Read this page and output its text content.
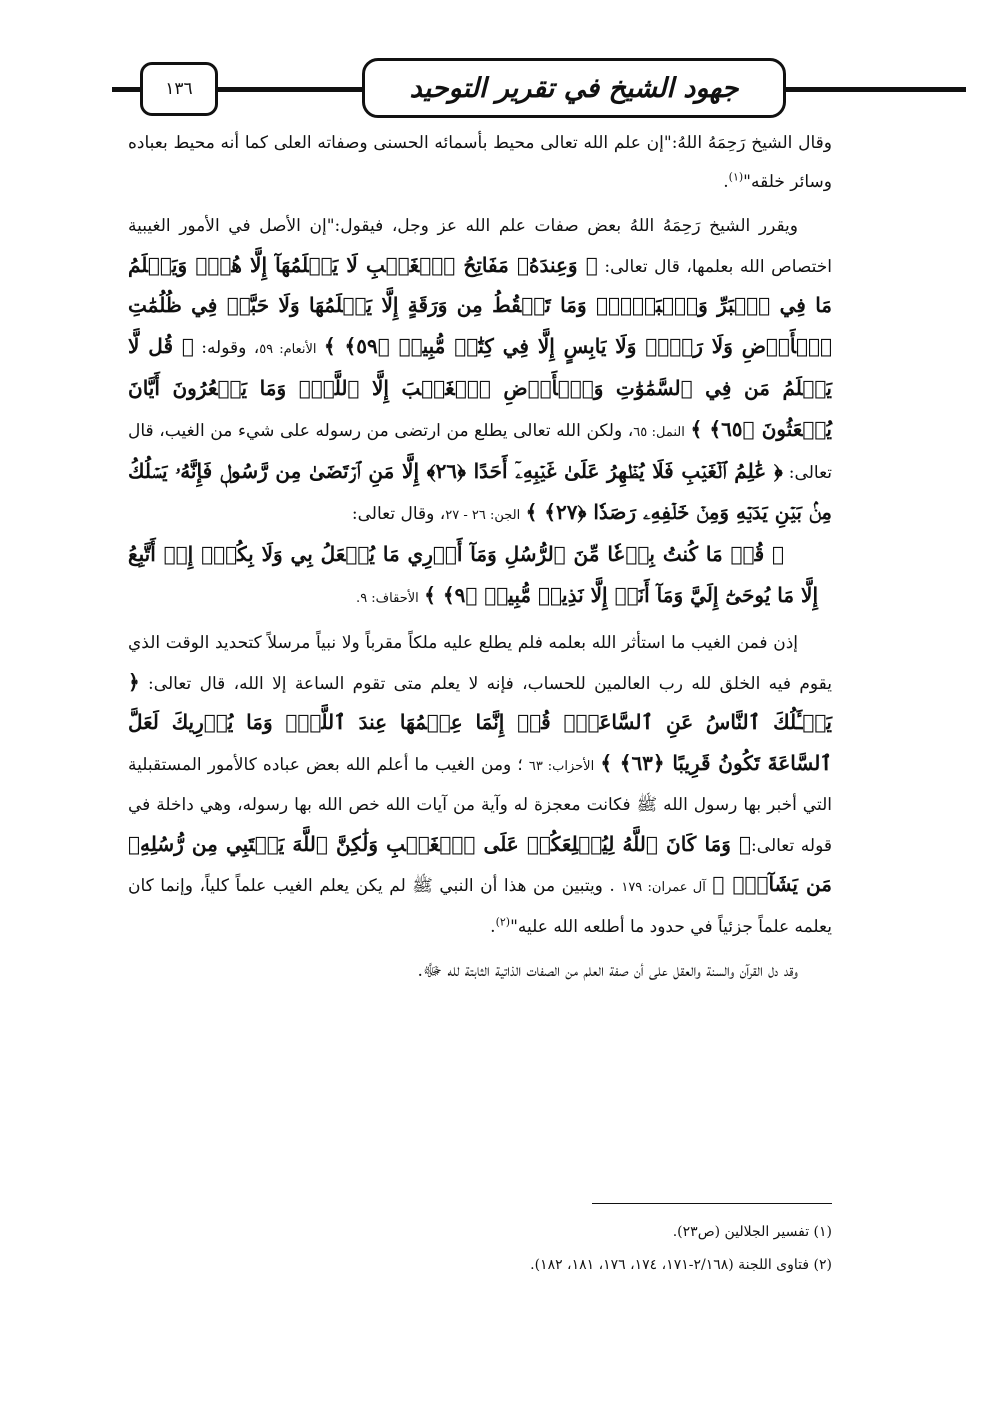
١٣٦	جهود الشيخ في تقرير التوحيد

وقال الشيخ رَحِمَهُ اللهُ:"إن علم الله تعالى محيط بأسمائه الحسنى وصفاته العلى كما أنه محيط بعباده وسائر خلقه"$^{(١)}$.

ويقرر الشيخ رَحِمَهُ اللهُ بعض صفات علم الله عز وجل، فيقول:"إن الأصل في الأمور الغيبية اختصاص الله بعلمها، قال تعالى: ﴿ وَعِندَهُۥ مَفَاتِحُ ٱلۡغَيۡبِ لَا يَعۡلَمُهَآ إِلَّا هُوَۚ وَيَعۡلَمُ مَا فِي ٱلۡبَرِّ وَٱلۡبَحۡرِۚ وَمَا تَسۡقُطُ مِن وَرَقَةٍ إِلَّا يَعۡلَمُهَا وَلَا حَبَّةٖ فِي ظُلُمَٰتِ ٱلۡأَرۡضِ وَلَا رَطۡبٖ وَلَا يَابِسٍ إِلَّا فِي كِتَٰبٖ مُّبِينٖ ﴿٥٩﴾ ﴾ الأنعام: ٥٩، وقوله: ﴿ قُل لَّا يَعۡلَمُ مَن فِي ٱلسَّمَٰوَٰتِ وَٱلۡأَرۡضِ ٱلۡغَيۡبَ إِلَّا ٱللَّهُۚ وَمَا يَشۡعُرُونَ أَيَّانَ يُبۡعَثُونَ ﴿٦٥﴾ ﴾ النمل: ٦٥، ولكن الله تعالى يطلع من ارتضى من رسوله على شيء من الغيب، قال تعالى: ﴿ عَٰلِمُ ٱلۡغَيۡبِ فَلَا يُظۡهِرُ عَلَىٰ غَيۡبِهِۦٓ أَحَدًا ﴿٢٦﴾ إِلَّا مَنِ ٱرۡتَضَىٰ مِن رَّسُولٖ فَإِنَّهُۥ يَسۡلُكُ مِنۢ بَيۡنِ يَدَيۡهِ وَمِنۡ خَلۡفِهِۦ رَصَدٗا ﴿٢٧﴾ ﴾ الجن: ٢٦ - ٢٧، وقال تعالى:
﴿ قُلۡ مَا كُنتُ بِدۡعٗا مِّنَ ٱلرُّسُلِ وَمَآ أَدۡرِي مَا يُفۡعَلُ بِي وَلَا بِكُمۡۖ إِنۡ أَتَّبِعُ إِلَّا مَا يُوحَىٰٓ إِلَيَّ وَمَآ أَنَا۠ إِلَّا نَذِيرٞ مُّبِينٞ ﴿٩﴾ ﴾ الأحقاف: ٩.

إذن فمن الغيب ما استأثر الله بعلمه فلم يطلع عليه ملكاً مقرباً ولا نبياً مرسلاً كتحديد الوقت الذي يقوم فيه الخلق لله رب العالمين للحساب، فإنه لا يعلم متى تقوم الساعة إلا الله، قال تعالى: ﴿ يَسۡـَٔلُكَ ٱلنَّاسُ عَنِ ٱلسَّاعَةِۖ قُلۡ إِنَّمَا عِلۡمُهَا عِندَ ٱللَّهِۚ وَمَا يُدۡرِيكَ لَعَلَّ ٱلسَّاعَةَ تَكُونُ قَرِيبًا ﴿٦٣﴾ ﴾ الأحزاب: ٦٣ ؛ ومن الغيب ما أعلم الله بعض عباده كالأمور المستقبلية التي أخبر بها رسول الله ﷺ فكانت معجزة له وآية من آيات الله خص الله بها رسوله، وهي داخلة في قوله تعالى:﴿ وَمَا كَانَ ٱللَّهُ لِيُطۡلِعَكُمۡ عَلَى ٱلۡغَيۡبِ وَلَٰكِنَّ ٱللَّهَ يَجۡتَبِي مِن رُّسُلِهِۦ مَن يَشَآءُۖ ﴾ آل عمران: ١٧٩ . ويتبين من هذا أن النبي ﷺ لم يكن يعلم الغيب علماً كلياً، وإنما كان يعلمه علماً جزئياً في حدود ما أطلعه الله عليه"$^{(٢)}$.

وقد دل القرآن والسنة والعقل على أن صفة العلم من الصفات الذاتية الثابتة لله ﷻ.

(١) تفسير الجلالين (ص٢٣).
(٢) فتاوى اللجنة (٢/١٦٨-١٧١، ١٧٤، ١٧٦، ١٨١، ١٨٢).
